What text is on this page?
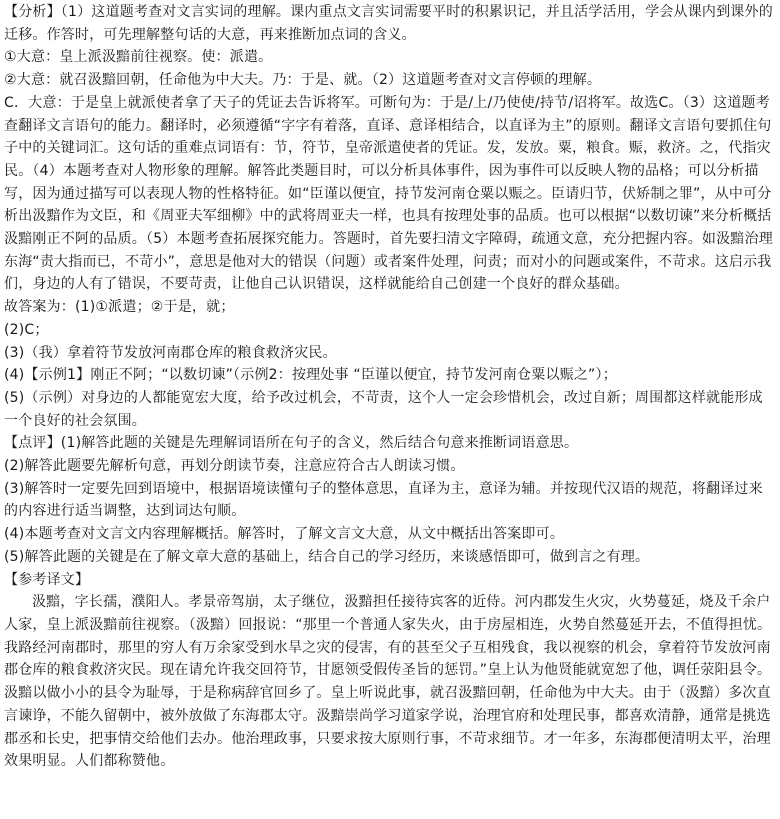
【分析】（1）这道题考查对文言实词的理解。课内重点文言实词需要平时的积累识记，并且活学活用，学会从课内到课外的迁移。作答时，可先理解整句话的大意，再来推断加点词的含义。

①大意：皇上派汲黯前往视察。使：派遣。

②大意：就召汲黯回朝，任命他为中大夫。乃：于是、就。（2）这道题考查对文言停顿的理解。

C．大意：于是皇上就派使者拿了天子的凭证去告诉将军。可断句为：于是/上/乃使使/持节/诏将军。故选C。（3）这道题考查翻译文言语句的能力。翻译时，必须遵循“字字有着落，直译、意译相结合，以直译为主”的原则。翻译文言语句要抓住句子中的关键词汇。这句话的重难点词语有：节，符节，皇帝派遣使者的凭证。发，发放。粟，粮食。赈，救济。之，代指灾民。（4）本题考查对人物形象的理解。解答此类题目时，可以分析具体事件，因为事件可以反映人物的品格；可以分析描写，因为通过描写可以表现人物的性格特征。如“臣谨以便宜，持节发河南仓粟以赈之。臣请归节，伏矫制之罪”，从中可分析出汲黯作为文臣，和《周亚夫军细柳》中的武将周亚夫一样，也具有按理处事的品质。也可以根据“以数切谏”来分析概括汲黯刚正不阿的品质。（5）本题考查拓展探究能力。答题时，首先要扫清文字障碍，疏通文意，充分把握内容。如汲黯治理东海“责大指而已，不苛小”，意思是他对大的错误（问题）或者案件处理，问责；而对小的问题或案件，不苛求。这启示我们，身边的人有了错误，不要苛责，让他自己认识错误，这样就能给自己创建一个良好的群众基础。

故答案为：(1)①派遣；②于是，就；

(2)C；

(3)（我）拿着符节发放河南郡仓库的粮食救济灾民。

(4)【示例1】刚正不阿；“以数切谏”（示例2：按理处事 “臣谨以便宜，持节发河南仓粟以赈之”）；

(5)（示例）对身边的人都能宽宏大度，给予改过机会，不苛责，这个人一定会珍惜机会，改过自新；周围都这样就能形成一个良好的社会氛围。

【点评】(1)解答此题的关键是先理解词语所在句子的含义，然后结合句意来推断词语意思。

(2)解答此题要先解析句意，再划分朗读节奏，注意应符合古人朗读习惯。

(3)解答时一定要先回到语境中，根据语境读懂句子的整体意思，直译为主，意译为辅。并按现代汉语的规范，将翻译过来的内容进行适当调整，达到词达句顺。

(4)本题考查对文言文内容理解概括。解答时，了解文言文大意，从文中概括出答案即可。

(5)解答此题的关键是在了解文章大意的基础上，结合自己的学习经历，来谈感悟即可，做到言之有理。

【参考译文】

汲黯，字长孺，濮阳人。孝景帝驾崩，太子继位，汲黯担任接待宾客的近侍。河内郡发生火灾，火势蔓延，烧及千余户人家，皇上派汲黯前往视察。（汲黯）回报说：“那里一个普通人家失火，由于房屋相连，火势自然蔓延开去，不值得担忧。我路经河南郡时，那里的穷人有万余家受到水旱之灾的侵害，有的甚至父子互相残食，我以视察的机会，拿着符节发放河南郡仓库的粮食救济灾民。现在请允许我交回符节，甘愿领受假传圣旨的惩罚。”皇上认为他贤能就宽恕了他，调任荥阳县令。汲黯以做小小的县令为耻辱，于是称病辞官回乡了。皇上听说此事，就召汲黯回朝，任命他为中大夫。由于（汲黯）多次直言谏诤，不能久留朝中，被外放做了东海郡太守。汲黯崇尚学习道家学说，治理官府和处理民事，都喜欢清静，通常是挑选郡丞和长史，把事情交给他们去办。他治理政事，只要求按大原则行事，不苛求细节。才一年多，东海郡便清明太平，治理效果明显。人们都称赞他。
